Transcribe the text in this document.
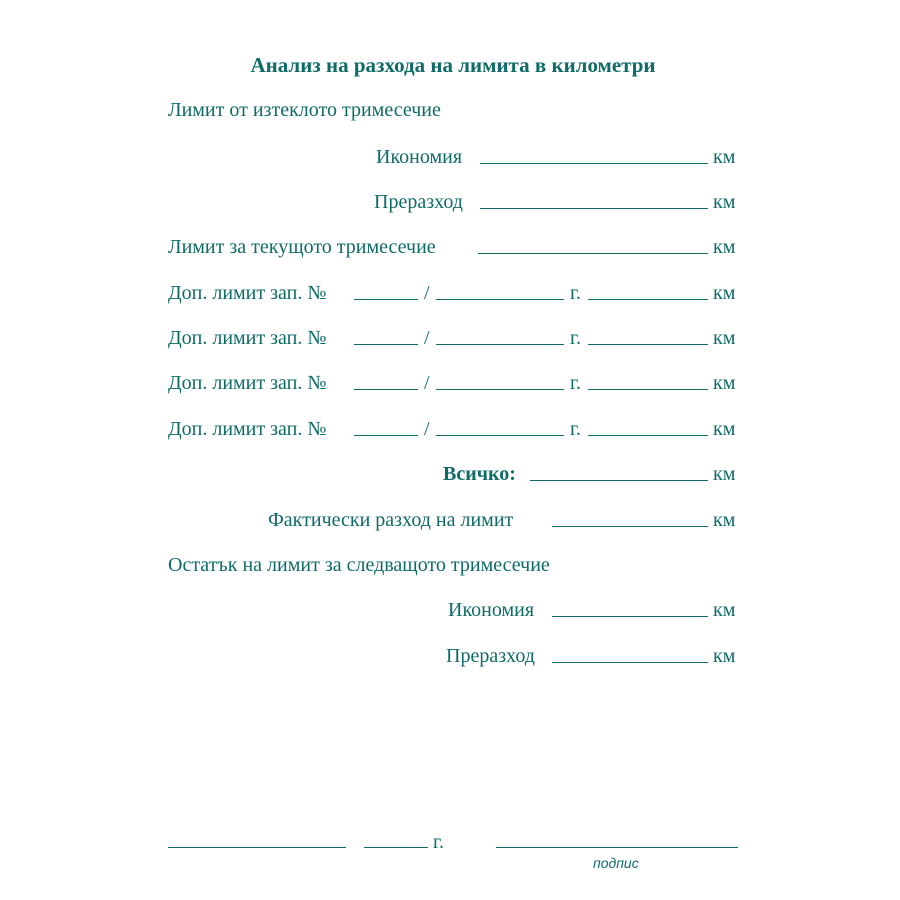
Анализ на разхода на лимита в километри
Лимит от изтеклото тримесечие
Икономия	км
Преразход	км
Лимит за текущото тримесечие	км
Доп. лимит зап. №	/	г.	км
Доп. лимит зап. №	/	г.	км
Доп. лимит зап. №	/	г.	км
Доп. лимит зап. №	/	г.	км
Всичко:	км
Фактически разход на лимит	км
Остатък на лимит за следващото тримесечие
Икономия	км
Преразход	км
г.
подпис
